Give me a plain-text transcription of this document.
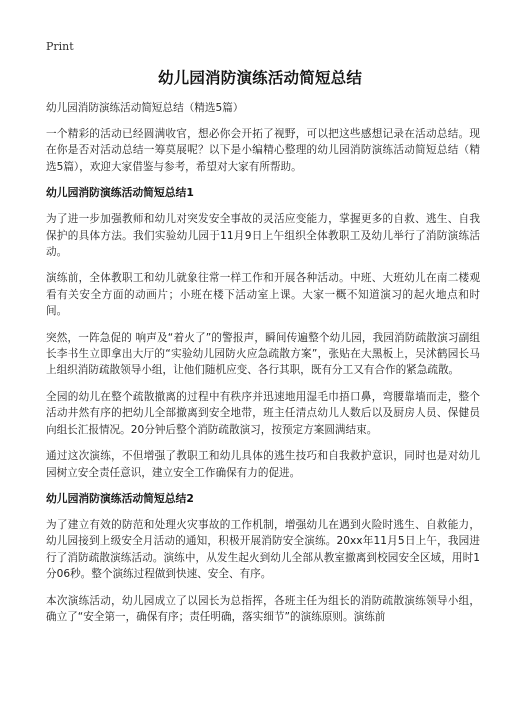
Print
幼儿园消防演练活动简短总结
幼儿园消防演练活动简短总结（精选5篇）

一个精彩的活动已经圆满收官，想必你会开拓了视野，可以把这些感想记录在活动总结。现在你是否对活动总结一筹莫展呢？以下是小编精心整理的幼儿园消防演练活动简短总结（精选5篇），欢迎大家借鉴与参考，希望对大家有所帮助。

幼儿园消防演练活动简短总结1

为了进一步加强教师和幼儿对突发安全事故的灵活应变能力，掌握更多的自救、逃生、自我保护的具体方法。我们实验幼儿园于11月9日上午组织全体教职工及幼儿举行了消防演练活动。

演练前，全体教职工和幼儿就象往常一样工作和开展各种活动。中班、大班幼儿在南二楼观看有关安全方面的动画片；小班在楼下活动室上课。大家一概不知道演习的起火地点和时间。

突然，一阵急促的 响声及“着火了”的警报声，瞬间传遍整个幼儿园，我园消防疏散演习副组长李书生立即拿出大厅的“实验幼儿园防火应急疏散方案”，张贴在大黑板上，吴沭鹤园长马上组织消防疏散领导小组，让他们随机应变、各行其职，既有分工又有合作的紧急疏散。

全园的幼儿在整个疏散撤离的过程中有秩序并迅速地用湿毛巾捂口鼻，弯腰靠墙而走，整个活动井然有序的把幼儿全部撤离到安全地带，班主任清点幼儿人数后以及厨房人员、保健员向组长汇报情况。20分钟后整个消防疏散演习，按预定方案圆满结束。

通过这次演练，不但增强了教职工和幼儿具体的逃生技巧和自我救护意识，同时也是对幼儿园树立安全责任意识，建立安全工作确保有力的促进。

幼儿园消防演练活动简短总结2

为了建立有效的防范和处理火灾事故的工作机制，增强幼儿在遇到火险时逃生、自救能力，幼儿园接到上级安全月活动的通知，积极开展消防安全演练。20xx年11月5日上午，我园进行了消防疏散演练活动。演练中，从发生起火到幼儿全部从教室撤离到校园安全区域，用时1分06秒。整个演练过程做到快速、安全、有序。

本次演练活动，幼儿园成立了以园长为总指挥，各班主任为组长的消防疏散演练领导小组，确立了“安全第一，确保有序；责任明确，落实细节”的演练原则。演练前
